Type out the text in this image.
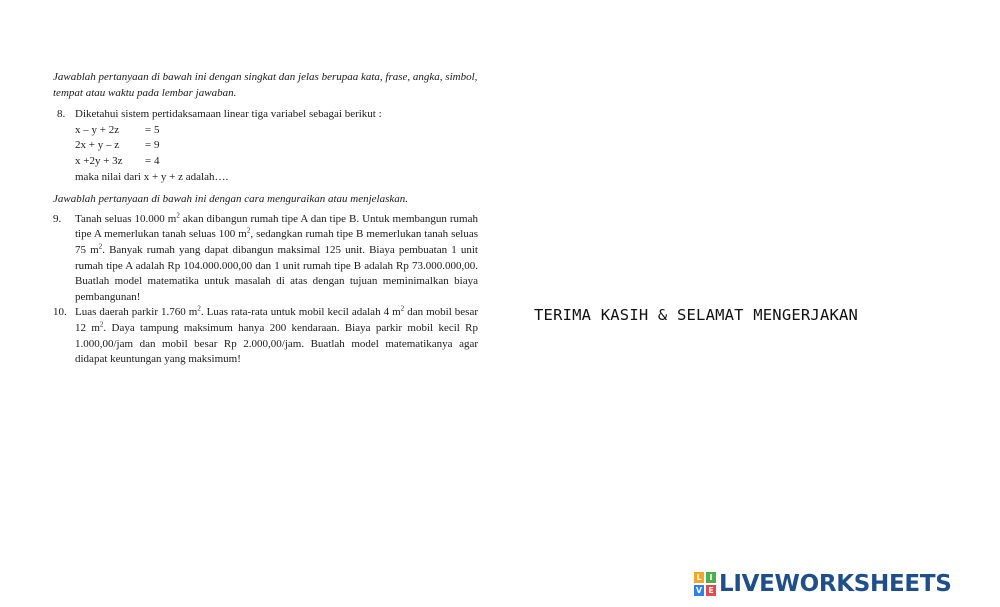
Jawablah pertanyaan di bawah ini dengan singkat dan jelas berupaa kata, frase, angka, simbol, tempat atau waktu pada lembar jawaban.

8. Diketahui sistem pertidaksamaan linear tiga variabel sebagai berikut :
x – y + 2z	= 5
2x + y – z	= 9
x +2y + 3z	= 4
maka nilai dari x + y + z adalah….

Jawablah pertanyaan di bawah ini dengan cara menguraikan atau menjelaskan.

9. Tanah seluas 10.000 $m^2$ akan dibangun rumah tipe A dan tipe B. Untuk membangun rumah tipe A memerlukan tanah seluas 100 $m^2$, sedangkan rumah tipe B memerlukan tanah seluas 75 $m^2$. Banyak rumah yang dapat dibangun maksimal 125 unit. Biaya pembuatan 1 unit rumah tipe A adalah Rp 104.000.000,00 dan 1 unit rumah tipe B adalah Rp 73.000.000,00. Buatlah model matematika untuk masalah di atas dengan tujuan meminimalkan biaya pembangunan!
10. Luas daerah parkir 1.760 $m^2$. Luas rata-rata untuk mobil kecil adalah 4 $m^2$ dan mobil besar 12 $m^2$. Daya tampung maksimum hanya 200 kendaraan. Biaya parkir mobil kecil Rp 1.000,00/jam dan mobil besar Rp 2.000,00/jam. Buatlah model matematikanya agar didapat keuntungan yang maksimum!
TERIMA KASIH & SELAMAT MENGERJAKAN
L I
V E LIVEWORKSHEETS
